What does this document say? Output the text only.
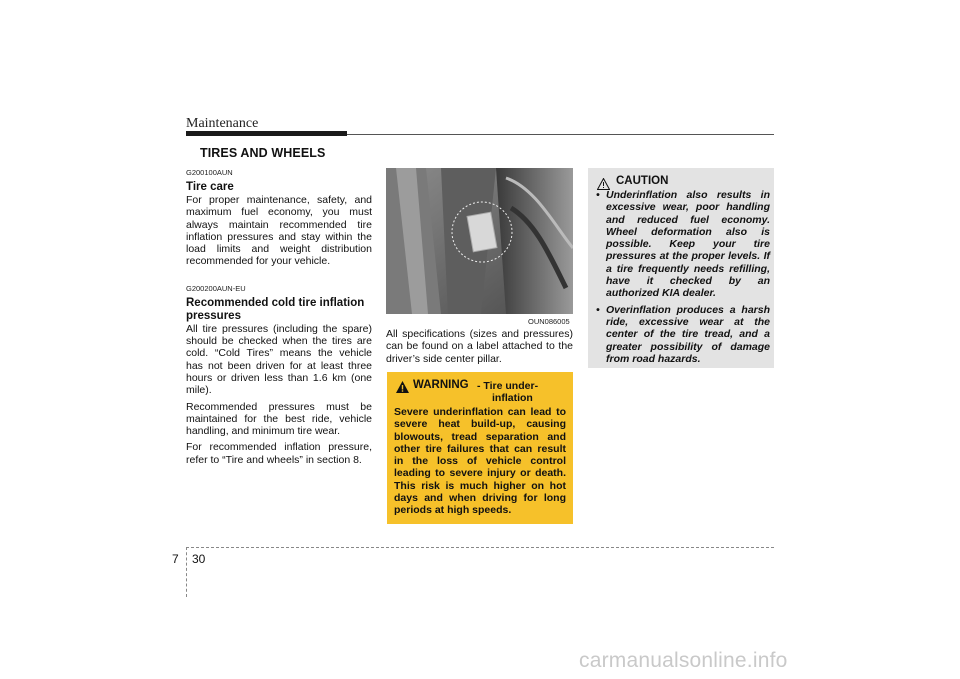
Maintenance
TIRES AND WHEELS

G200100AUN

Tire care

For proper maintenance, safety, and maximum fuel economy, you must always maintain recommended tire inflation pressures and stay within the load limits and weight distribution recommended for your vehicle.

G200200AUN-EU

Recommended cold tire inflation pressures

All tire pressures (including the spare) should be checked when the tires are cold. “Cold Tires” means the vehicle has not been driven for at least three hours or driven less than 1.6 km (one mile).

Recommended pressures must be maintained for the best ride, vehicle handling, and minimum tire wear.

For recommended inflation pressure, refer to “Tire and wheels” in section 8.

OUN086005

All specifications (sizes and pressures) can be found on a label attached to the driver’s side center pillar.

WARNING - Tire under-
inflation
Severe underinflation can lead to severe heat build-up, causing blowouts, tread separation and other tire failures that can result in the loss of vehicle control leading to severe injury or death. This risk is much higher on hot days and when driving for long periods at high speeds.
CAUTION
• Underinflation also results in excessive wear, poor handling and reduced fuel economy. Wheel deformation also is possible. Keep your tire pressures at the proper levels. If a tire frequently needs refilling, have it checked by an authorized KIA dealer.
• Overinflation produces a harsh ride, excessive wear at the center of the tire tread, and a greater possibility of damage from road hazards.
7 30
carmanualsonline.info
